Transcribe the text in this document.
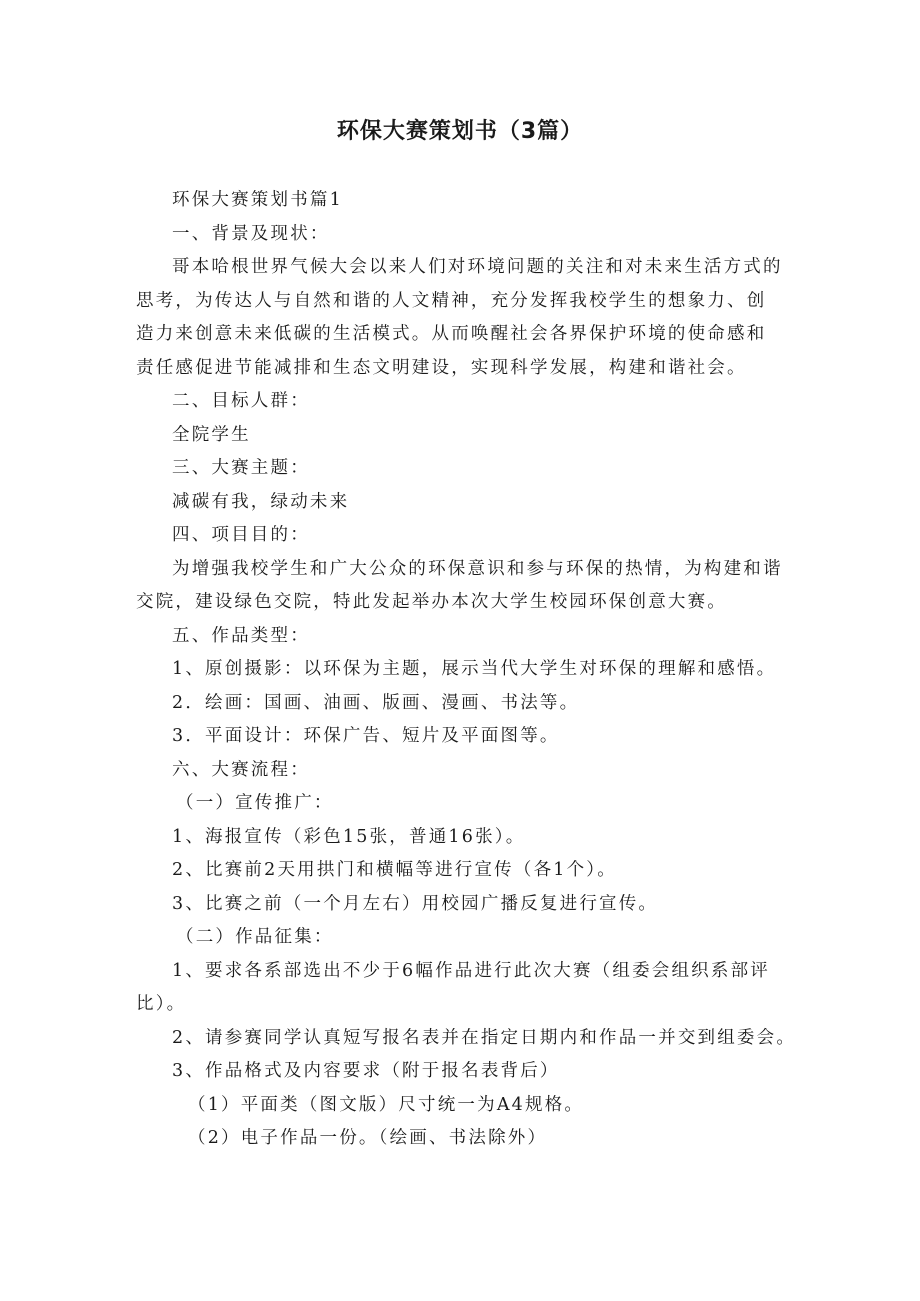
环保大赛策划书（3篇）

环保大赛策划书篇1

一、背景及现状：

哥本哈根世界气候大会以来人们对环境问题的关注和对未来生活方式的思考，为传达人与自然和谐的人文精神，充分发挥我校学生的想象力、创造力来创意未来低碳的生活模式。从而唤醒社会各界保护环境的使命感和责任感促进节能减排和生态文明建设，实现科学发展，构建和谐社会。

二、目标人群：

全院学生

三、大赛主题：

减碳有我，绿动未来

四、项目目的：

为增强我校学生和广大公众的环保意识和参与环保的热情，为构建和谐交院，建设绿色交院，特此发起举办本次大学生校园环保创意大赛。

五、作品类型：

1、原创摄影：以环保为主题，展示当代大学生对环保的理解和感悟。

2．绘画：国画、油画、版画、漫画、书法等。

3．平面设计：环保广告、短片及平面图等。

六、大赛流程：

（一）宣传推广：

1、海报宣传（彩色15张，普通16张）。

2、比赛前2天用拱门和横幅等进行宣传（各1个）。

3、比赛之前（一个月左右）用校园广播反复进行宣传。

（二）作品征集：

1、要求各系部选出不少于6幅作品进行此次大赛（组委会组织系部评比）。

2、请参赛同学认真短写报名表并在指定日期内和作品一并交到组委会。

3、作品格式及内容要求（附于报名表背后）

（1）平面类（图文版）尺寸统一为A4规格。

（2）电子作品一份。（绘画、书法除外）
